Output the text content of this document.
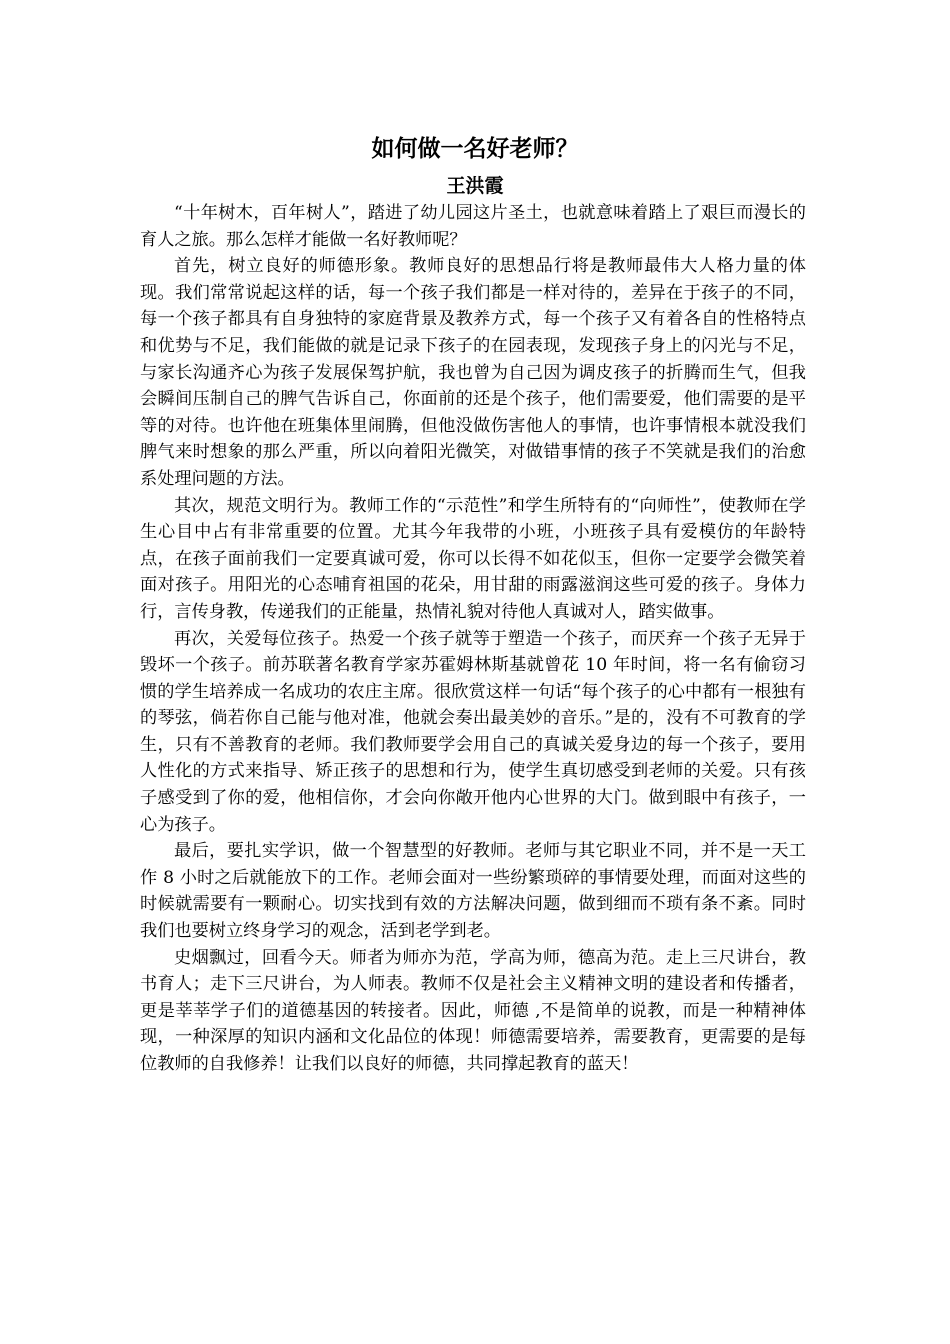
如何做一名好老师？
王洪霞

“十年树木，百年树人”，踏进了幼儿园这片圣土，也就意味着踏上了艰巨而漫长的育人之旅。那么怎样才能做一名好教师呢？

首先，树立良好的师德形象。教师良好的思想品行将是教师最伟大人格力量的体现。我们常常说起这样的话，每一个孩子我们都是一样对待的，差异在于孩子的不同，每一个孩子都具有自身独特的家庭背景及教养方式，每一个孩子又有着各自的性格特点和优势与不足，我们能做的就是记录下孩子的在园表现，发现孩子身上的闪光与不足，与家长沟通齐心为孩子发展保驾护航，我也曾为自己因为调皮孩子的折腾而生气，但我会瞬间压制自己的脾气告诉自己，你面前的还是个孩子，他们需要爱，他们需要的是平等的对待。也许他在班集体里闹腾，但他没做伤害他人的事情，也许事情根本就没我们脾气来时想象的那么严重，所以向着阳光微笑，对做错事情的孩子不笑就是我们的治愈系处理问题的方法。

其次，规范文明行为。教师工作的“示范性”和学生所特有的“向师性”，使教师在学生心目中占有非常重要的位置。尤其今年我带的小班，小班孩子具有爱模仿的年龄特点，在孩子面前我们一定要真诚可爱，你可以长得不如花似玉，但你一定要学会微笑着面对孩子。用阳光的心态哺育祖国的花朵，用甘甜的雨露滋润这些可爱的孩子。身体力行，言传身教，传递我们的正能量，热情礼貌对待他人真诚对人，踏实做事。

再次，关爱每位孩子。热爱一个孩子就等于塑造一个孩子，而厌弃一个孩子无异于毁坏一个孩子。前苏联著名教育学家苏霍姆林斯基就曾花 10 年时间，将一名有偷窃习惯的学生培养成一名成功的农庄主席。很欣赏这样一句话“每个孩子的心中都有一根独有的琴弦，倘若你自己能与他对准，他就会奏出最美妙的音乐。”是的，没有不可教育的学生，只有不善教育的老师。我们教师要学会用自己的真诚关爱身边的每一个孩子，要用人性化的方式来指导、矫正孩子的思想和行为，使学生真切感受到老师的关爱。只有孩子感受到了你的爱，他相信你，才会向你敞开他内心世界的大门。做到眼中有孩子，一心为孩子。

最后，要扎实学识，做一个智慧型的好教师。老师与其它职业不同，并不是一天工作 8 小时之后就能放下的工作。老师会面对一些纷繁琐碎的事情要处理，而面对这些的时候就需要有一颗耐心。切实找到有效的方法解决问题，做到细而不琐有条不紊。同时我们也要树立终身学习的观念，活到老学到老。

史烟飘过，回看今天。师者为师亦为范，学高为师，德高为范。走上三尺讲台，教书育人；走下三尺讲台，为人师表。教师不仅是社会主义精神文明的建设者和传播者，更是莘莘学子们的道德基因的转接者。因此，师德 ,不是简单的说教，而是一种精神体现，一种深厚的知识内涵和文化品位的体现！师德需要培养，需要教育，更需要的是每位教师的自我修养！让我们以良好的师德，共同撑起教育的蓝天！
